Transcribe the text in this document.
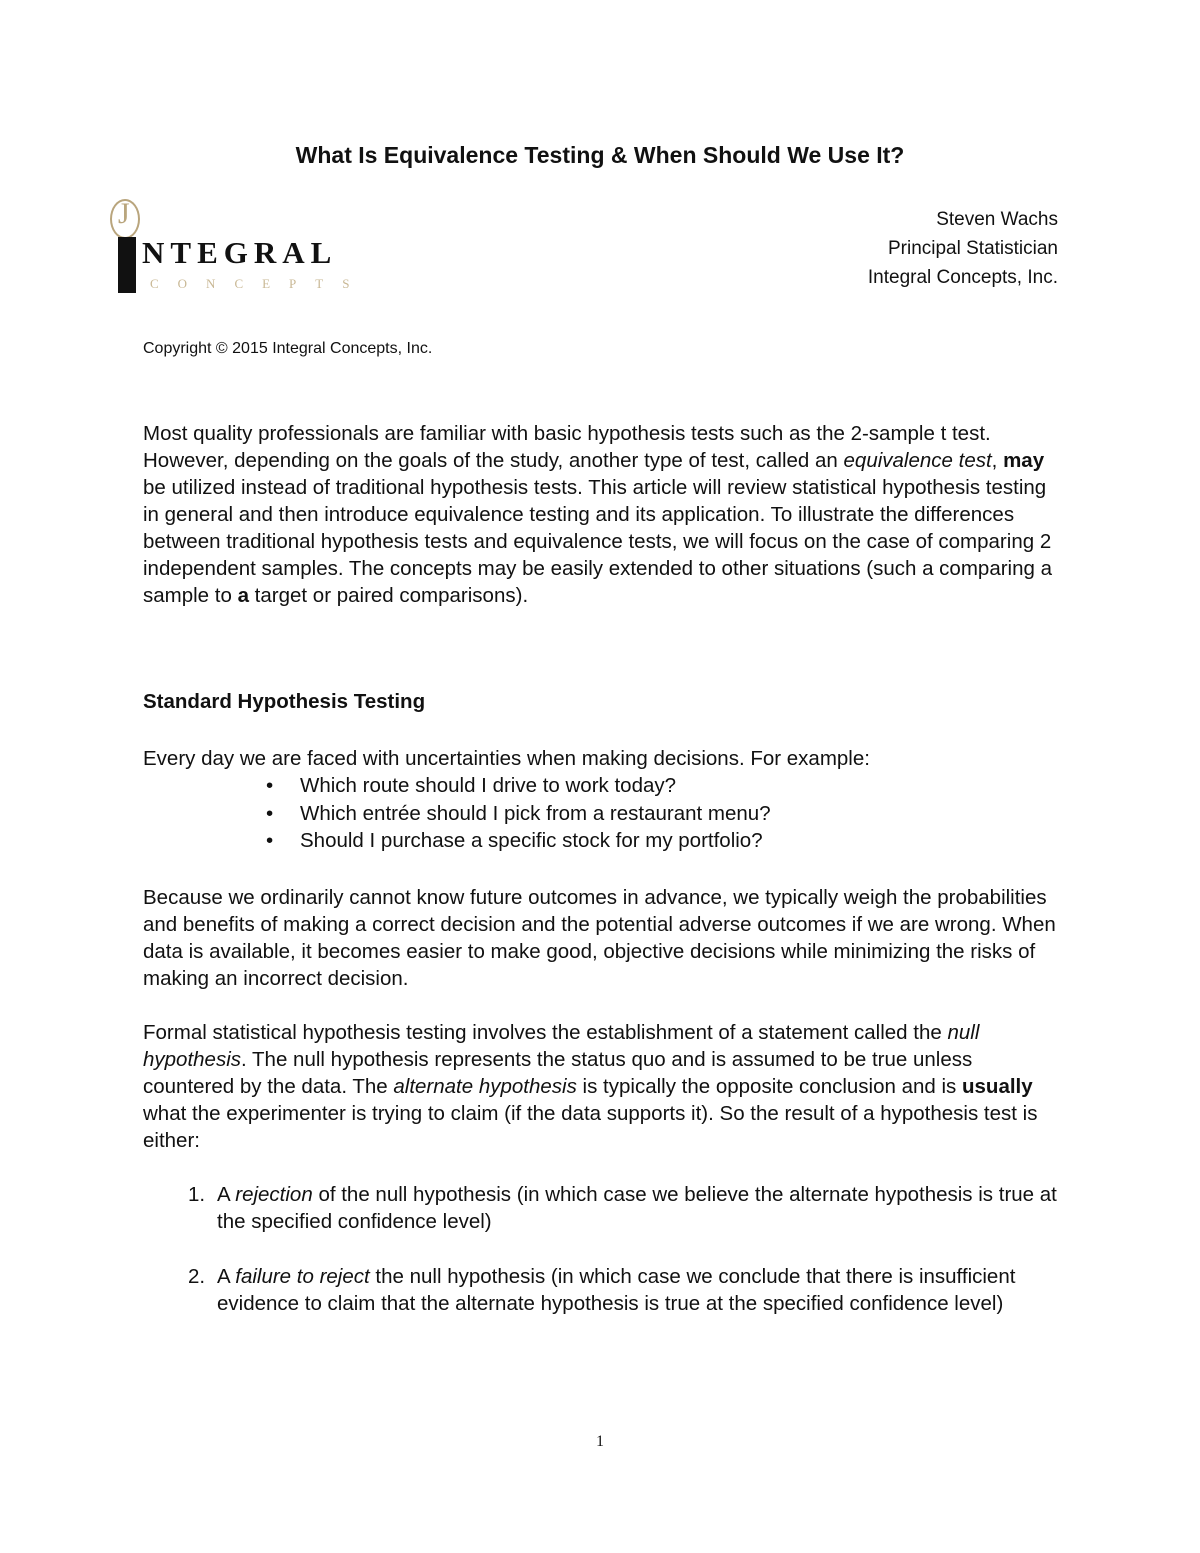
What Is Equivalence Testing & When Should We Use It?
J
NTEGRAL
CONCEPTS
Steven Wachs
Principal Statistician
Integral Concepts, Inc.
Copyright © 2015 Integral Concepts, Inc.

Most quality professionals are familiar with basic hypothesis tests such as the 2-sample t test. However, depending on the goals of the study, another type of test, called an equivalence test, may be utilized instead of traditional hypothesis tests. This article will review statistical hypothesis testing in general and then introduce equivalence testing and its application. To illustrate the differences between traditional hypothesis tests and equivalence tests, we will focus on the case of comparing 2 independent samples. The concepts may be easily extended to other situations (such a comparing a sample to a target or paired comparisons).

Standard Hypothesis Testing

Every day we are faced with uncertainties when making decisions. For example:

• Which route should I drive to work today?
• Which entrée should I pick from a restaurant menu?
• Should I purchase a specific stock for my portfolio?

Because we ordinarily cannot know future outcomes in advance, we typically weigh the probabilities and benefits of making a correct decision and the potential adverse outcomes if we are wrong. When data is available, it becomes easier to make good, objective decisions while minimizing the risks of making an incorrect decision.

Formal statistical hypothesis testing involves the establishment of a statement called the null hypothesis. The null hypothesis represents the status quo and is assumed to be true unless countered by the data. The alternate hypothesis is typically the opposite conclusion and is usually what the experimenter is trying to claim (if the data supports it). So the result of a hypothesis test is either:

1. A rejection of the null hypothesis (in which case we believe the alternate hypothesis is true at the specified confidence level)
2. A failure to reject the null hypothesis (in which case we conclude that there is insufficient evidence to claim that the alternate hypothesis is true at the specified confidence level)
1
